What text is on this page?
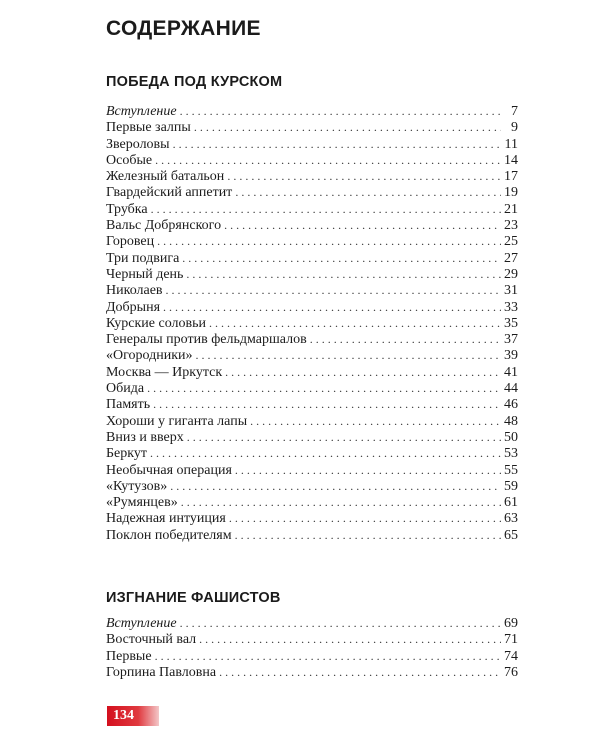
СОДЕРЖАНИЕ
ПОБЕДА ПОД КУРСКОМ
Вступление .....	7
Первые залпы .....	9
Звероловы .....	11
Особые .....	14
Железный батальон .....	17
Гвардейский аппетит .....	19
Трубка .....	21
Вальс Добрянского .....	23
Горовец .....	25
Три подвига .....	27
Черный день .....	29
Николаев .....	31
Добрыня .....	33
Курские соловьи .....	35
Генералы против фельдмаршалов .....	37
«Огородники» .....	39
Москва — Иркутск .....	41
Обида .....	44
Память .....	46
Хороши у гиганта лапы .....	48
Вниз и вверх .....	50
Беркут .....	53
Необычная операция .....	55
«Кутузов» .....	59
«Румянцев» .....	61
Надежная интуиция .....	63
Поклон победителям .....	65
ИЗГНАНИЕ ФАШИСТОВ
Вступление .....	69
Восточный вал .....	71
Первые .....	74
Горпина Павловна .....	76
134
